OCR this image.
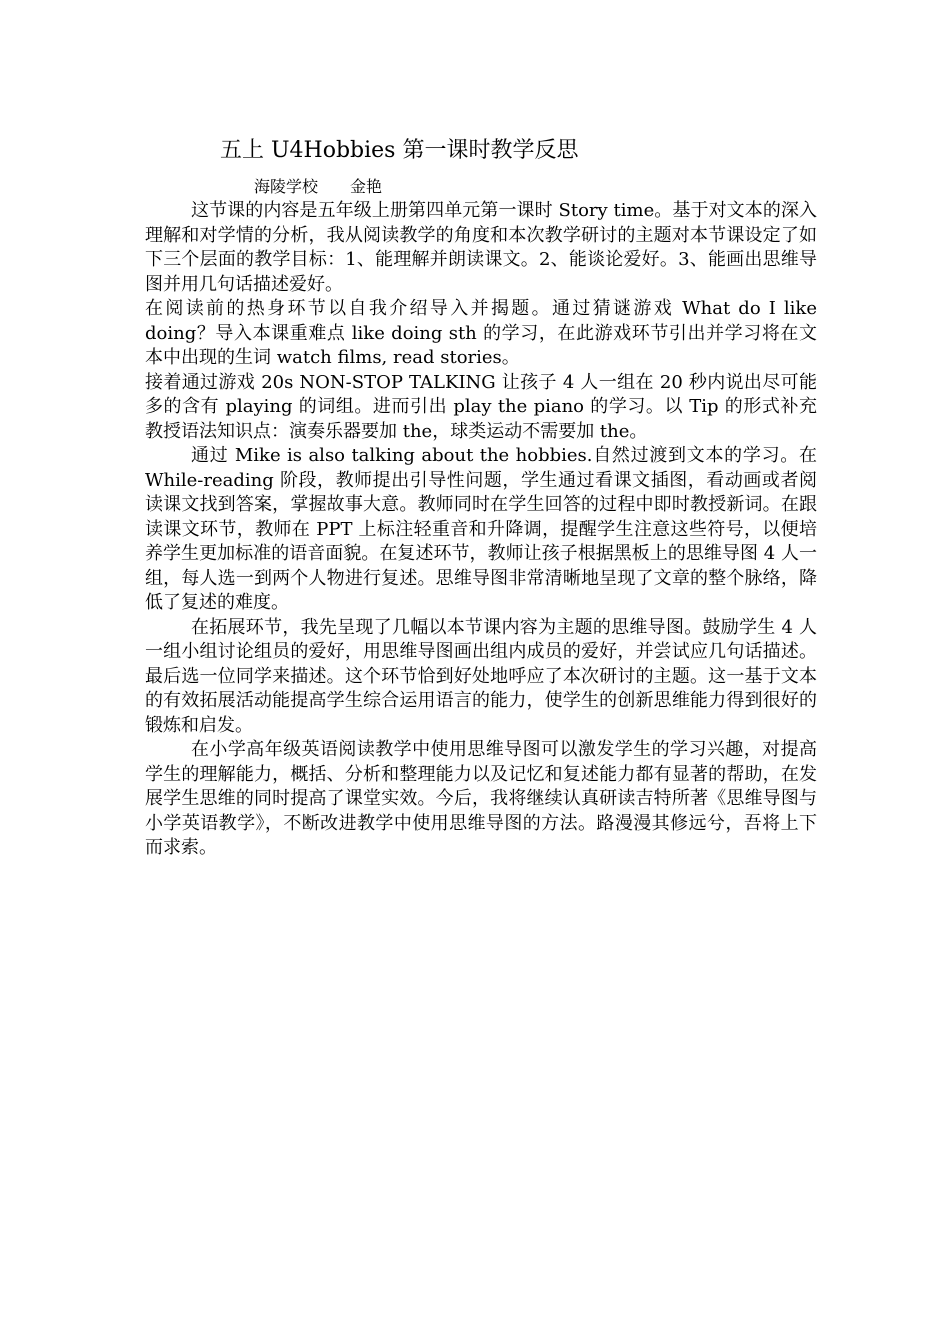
五上 U4Hobbies 第一课时教学反思
海陵学校 金艳

这节课的内容是五年级上册第四单元第一课时 Story time。基于对文本的深入理解和对学情的分析，我从阅读教学的角度和本次教学研讨的主题对本节课设定了如下三个层面的教学目标：1、能理解并朗读课文。2、能谈论爱好。3、能画出思维导图并用几句话描述爱好。

在阅读前的热身环节以自我介绍导入并揭题。通过猜谜游戏 What do I like doing？导入本课重难点 like doing sth 的学习，在此游戏环节引出并学习将在文本中出现的生词 watch films, read stories。

接着通过游戏 20s NON-STOP TALKING 让孩子 4 人一组在 20 秒内说出尽可能多的含有 playing 的词组。进而引出 play the piano 的学习。以 Tip 的形式补充教授语法知识点：演奏乐器要加 the，球类运动不需要加 the。

通过 Mike is also talking about the hobbies.自然过渡到文本的学习。在 While-reading 阶段，教师提出引导性问题，学生通过看课文插图，看动画或者阅读课文找到答案，掌握故事大意。教师同时在学生回答的过程中即时教授新词。在跟读课文环节，教师在 PPT 上标注轻重音和升降调，提醒学生注意这些符号，以便培养学生更加标准的语音面貌。在复述环节，教师让孩子根据黑板上的思维导图 4 人一组，每人选一到两个人物进行复述。思维导图非常清晰地呈现了文章的整个脉络，降低了复述的难度。

在拓展环节，我先呈现了几幅以本节课内容为主题的思维导图。鼓励学生 4 人一组小组讨论组员的爱好，用思维导图画出组内成员的爱好，并尝试应几句话描述。最后选一位同学来描述。这个环节恰到好处地呼应了本次研讨的主题。这一基于文本的有效拓展活动能提高学生综合运用语言的能力，使学生的创新思维能力得到很好的锻炼和启发。

在小学高年级英语阅读教学中使用思维导图可以激发学生的学习兴趣，对提高学生的理解能力，概括、分析和整理能力以及记忆和复述能力都有显著的帮助，在发展学生思维的同时提高了课堂实效。今后，我将继续认真研读吉特所著《思维导图与小学英语教学》，不断改进教学中使用思维导图的方法。路漫漫其修远兮，吾将上下而求索。
